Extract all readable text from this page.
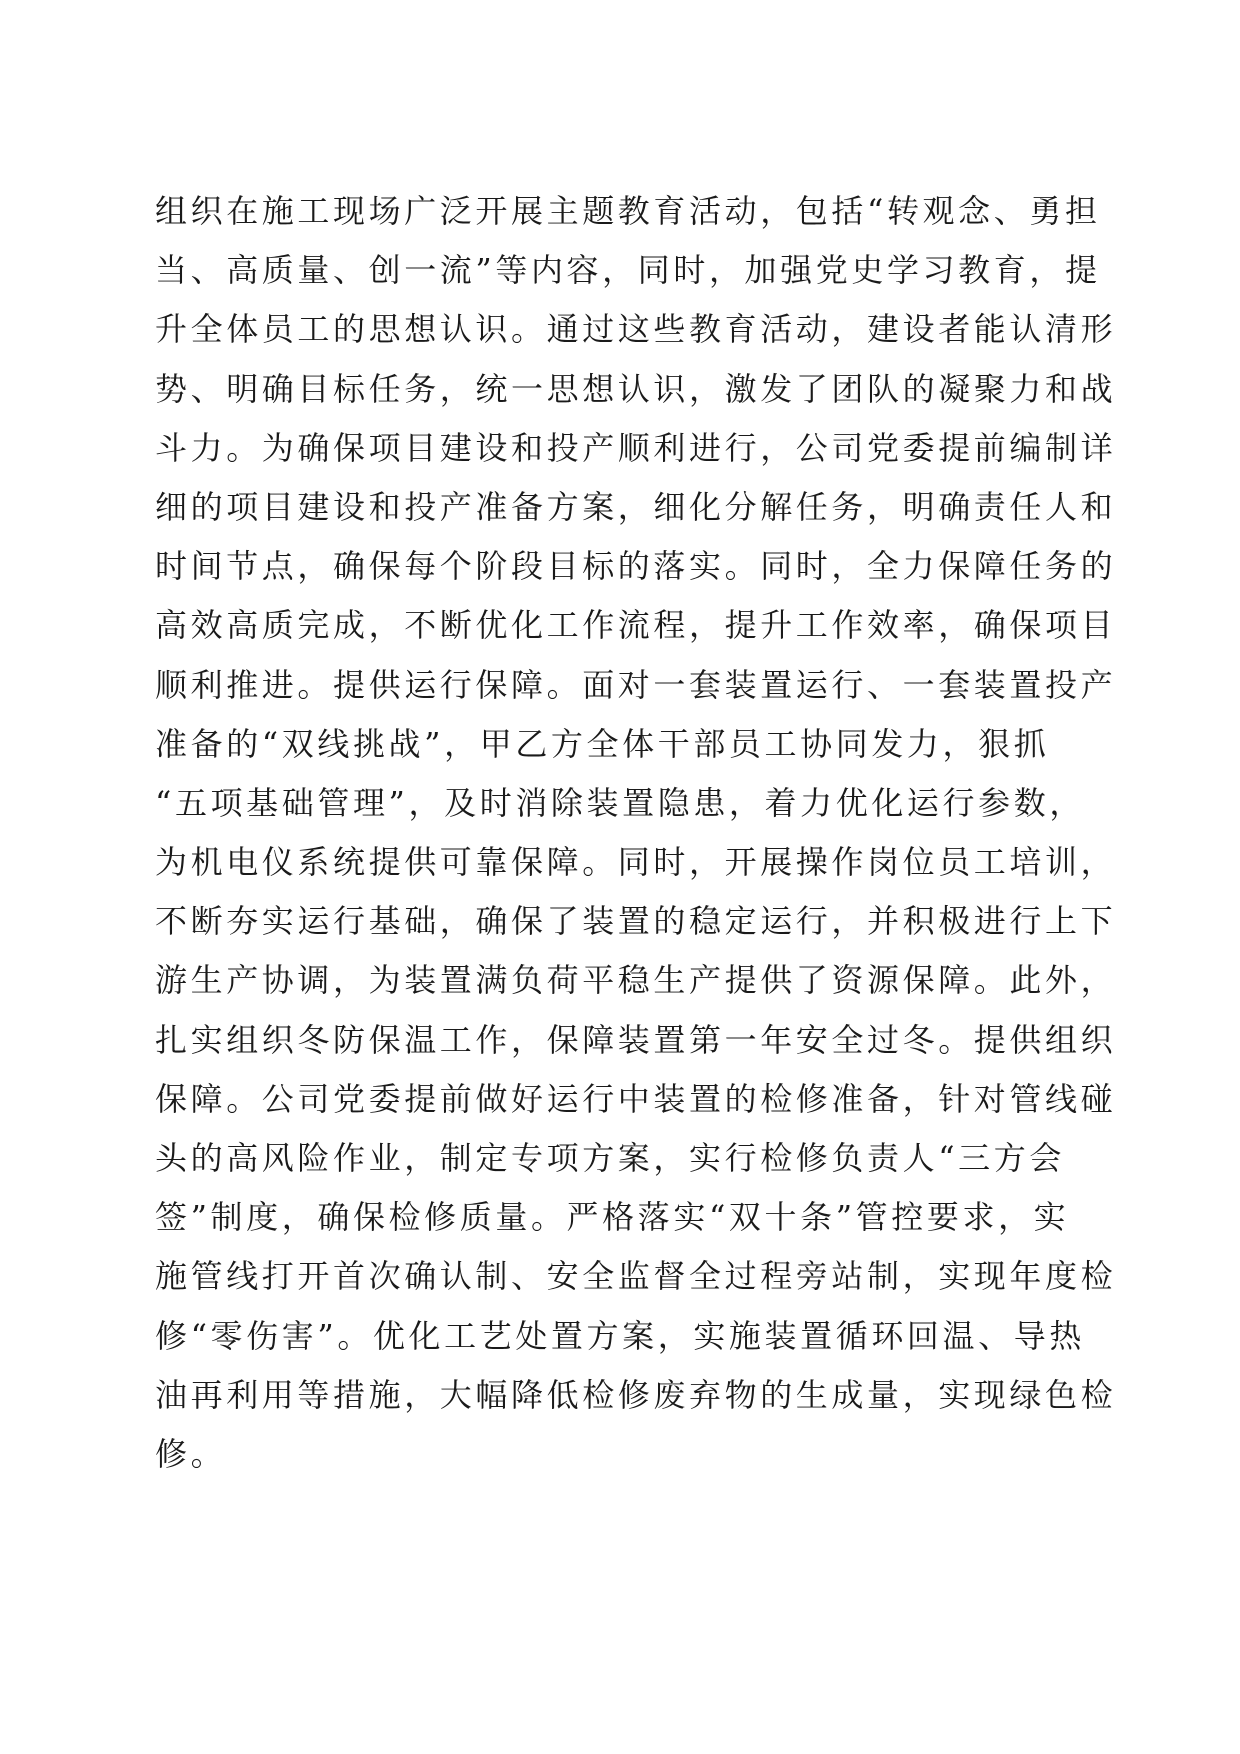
组织在施工现场广泛开展主题教育活动，包括“转观念、勇担
当、高质量、创一流”等内容，同时，加强党史学习教育，提
升全体员工的思想认识。通过这些教育活动，建设者能认清形
势、明确目标任务，统一思想认识，激发了团队的凝聚力和战
斗力。为确保项目建设和投产顺利进行，公司党委提前编制详
细的项目建设和投产准备方案，细化分解任务，明确责任人和
时间节点，确保每个阶段目标的落实。同时，全力保障任务的
高效高质完成，不断优化工作流程，提升工作效率，确保项目
顺利推进。提供运行保障。面对一套装置运行、一套装置投产
准备的“双线挑战”，甲乙方全体干部员工协同发力，狠抓
“五项基础管理”，及时消除装置隐患，着力优化运行参数，
为机电仪系统提供可靠保障。同时，开展操作岗位员工培训，
不断夯实运行基础，确保了装置的稳定运行，并积极进行上下
游生产协调，为装置满负荷平稳生产提供了资源保障。此外，
扎实组织冬防保温工作，保障装置第一年安全过冬。提供组织
保障。公司党委提前做好运行中装置的检修准备，针对管线碰
头的高风险作业，制定专项方案，实行检修负责人“三方会
签”制度，确保检修质量。严格落实“双十条”管控要求，实
施管线打开首次确认制、安全监督全过程旁站制，实现年度检
修“零伤害”。优化工艺处置方案，实施装置循环回温、导热
油再利用等措施，大幅降低检修废弃物的生成量，实现绿色检
修。
